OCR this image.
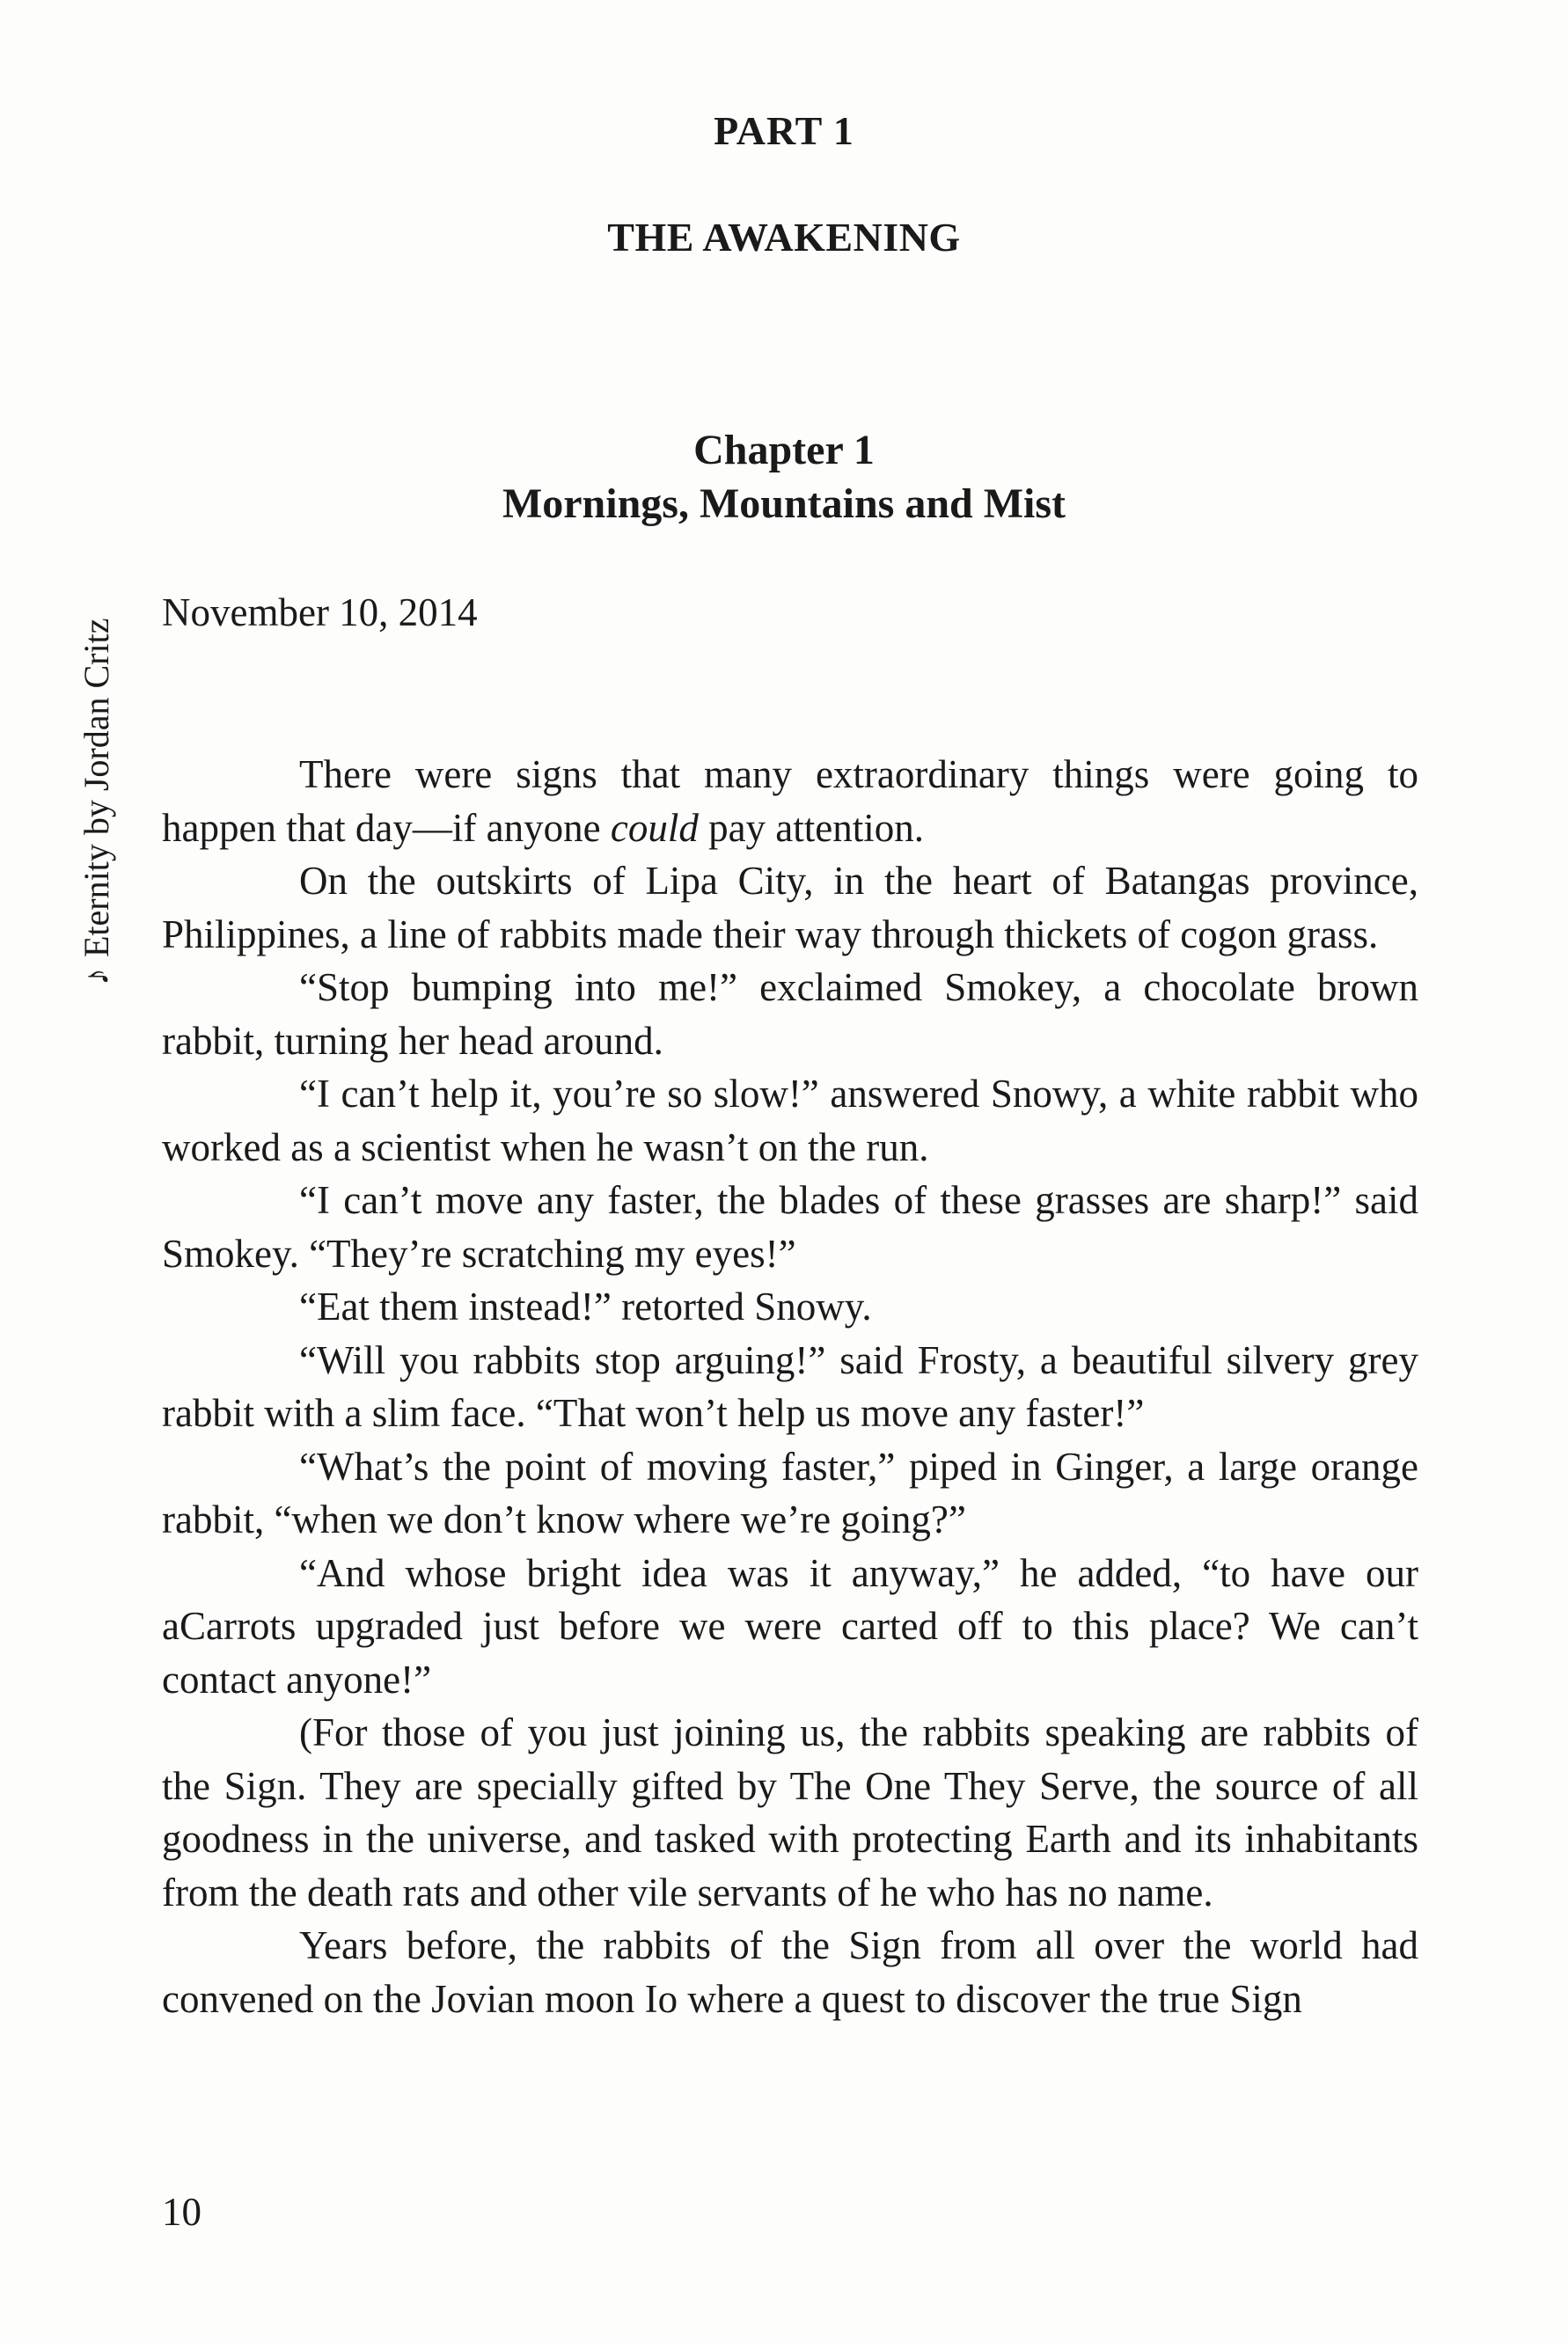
PART 1
THE AWAKENING
Chapter 1
Mornings, Mountains and Mist
♪Eternity by Jordan Critz
November 10, 2014

There were signs that many extraordinary things were going to happen that day—if anyone could pay attention.

On the outskirts of Lipa City, in the heart of Batangas province, Philippines, a line of rabbits made their way through thickets of cogon grass.

“Stop bumping into me!” exclaimed Smokey, a chocolate brown rabbit, turning her head around.

“I can’t help it, you’re so slow!” answered Snowy, a white rabbit who worked as a scientist when he wasn’t on the run.

“I can’t move any faster, the blades of these grasses are sharp!” said Smokey. “They’re scratching my eyes!”

“Eat them instead!” retorted Snowy.

“Will you rabbits stop arguing!” said Frosty, a beautiful silvery grey rabbit with a slim face. “That won’t help us move any faster!”

“What’s the point of moving faster,” piped in Ginger, a large orange rabbit, “when we don’t know where we’re going?”

“And whose bright idea was it anyway,” he added, “to have our aCarrots upgraded just before we were carted off to this place? We can’t contact anyone!”

(For those of you just joining us, the rabbits speaking are rabbits of the Sign. They are specially gifted by The One They Serve, the source of all goodness in the universe, and tasked with protecting Earth and its inhabitants from the death rats and other vile servants of he who has no name.

Years before, the rabbits of the Sign from all over the world had convened on the Jovian moon Io where a quest to discover the true Sign

10
